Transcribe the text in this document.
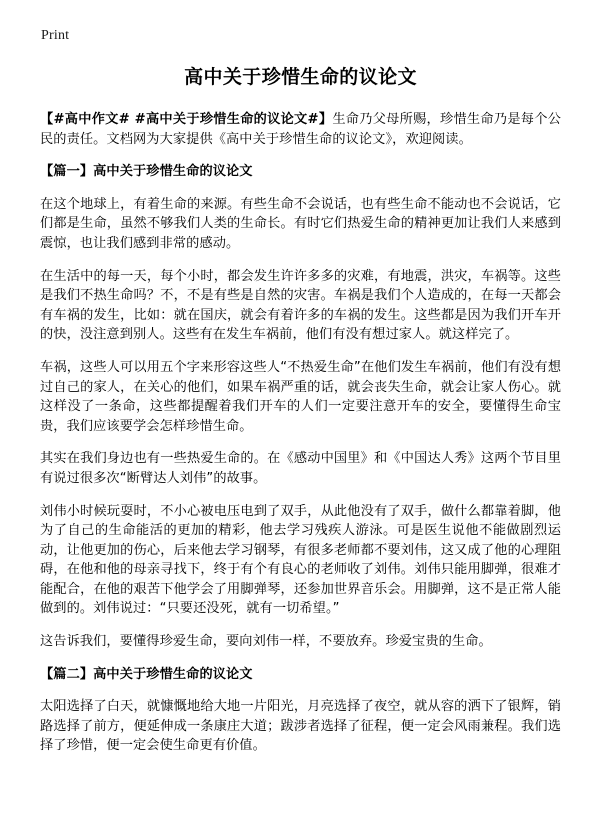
Print
高中关于珍惜生命的议论文

【#高中作文# #高中关于珍惜生命的议论文#】生命乃父母所赐，珍惜生命乃是每个公民的责任。文档网为大家提供《高中关于珍惜生命的议论文》，欢迎阅读。

【篇一】高中关于珍惜生命的议论文

在这个地球上，有着生命的来源。有些生命不会说话，也有些生命不能动也不会说话，它们都是生命，虽然不够我们人类的生命长。有时它们热爱生命的精神更加让我们人来感到震惊，也让我们感到非常的感动。

在生活中的每一天，每个小时，都会发生许许多多的灾难，有地震，洪灾，车祸等。这些是我们不热生命吗？不，不是有些是自然的灾害。车祸是我们个人造成的，在每一天都会有车祸的发生，比如：就在国庆，就会有着许多的车祸的发生。这些都是因为我们开车开的快，没注意到别人。这些有在发生车祸前，他们有没有想过家人。就这样完了。

车祸，这些人可以用五个字来形容这些人“不热爱生命”在他们发生车祸前，他们有没有想过自己的家人，在关心的他们，如果车祸严重的话，就会丧失生命，就会让家人伤心。就这样没了一条命，这些都提醒着我们开车的人们一定要注意开车的安全，要懂得生命宝贵，我们应该要学会怎样珍惜生命。

其实在我们身边也有一些热爱生命的。在《感动中国里》和《中国达人秀》这两个节目里有说过很多次“断臂达人刘伟”的故事。

刘伟小时候玩耍时，不小心被电压电到了双手，从此他没有了双手，做什么都靠着脚，他为了自己的生命能活的更加的精彩，他去学习残疾人游泳。可是医生说他不能做剧烈运动，让他更加的伤心，后来他去学习钢琴，有很多老师都不要刘伟，这又成了他的心理阻碍，在他和他的母亲寻找下，终于有个有良心的老师收了刘伟。刘伟只能用脚弹，很难才能配合，在他的艰苦下他学会了用脚弹琴，还参加世界音乐会。用脚弹，这不是正常人能做到的。刘伟说过：“只要还没死，就有一切希望。”

这告诉我们，要懂得珍爱生命，要向刘伟一样，不要放弃。珍爱宝贵的生命。

【篇二】高中关于珍惜生命的议论文

太阳选择了白天，就慷慨地给大地一片阳光，月亮选择了夜空，就从容的洒下了银辉，销路选择了前方，便延伸成一条康庄大道；跋涉者选择了征程，便一定会风雨兼程。我们选择了珍惜，便一定会使生命更有价值。
